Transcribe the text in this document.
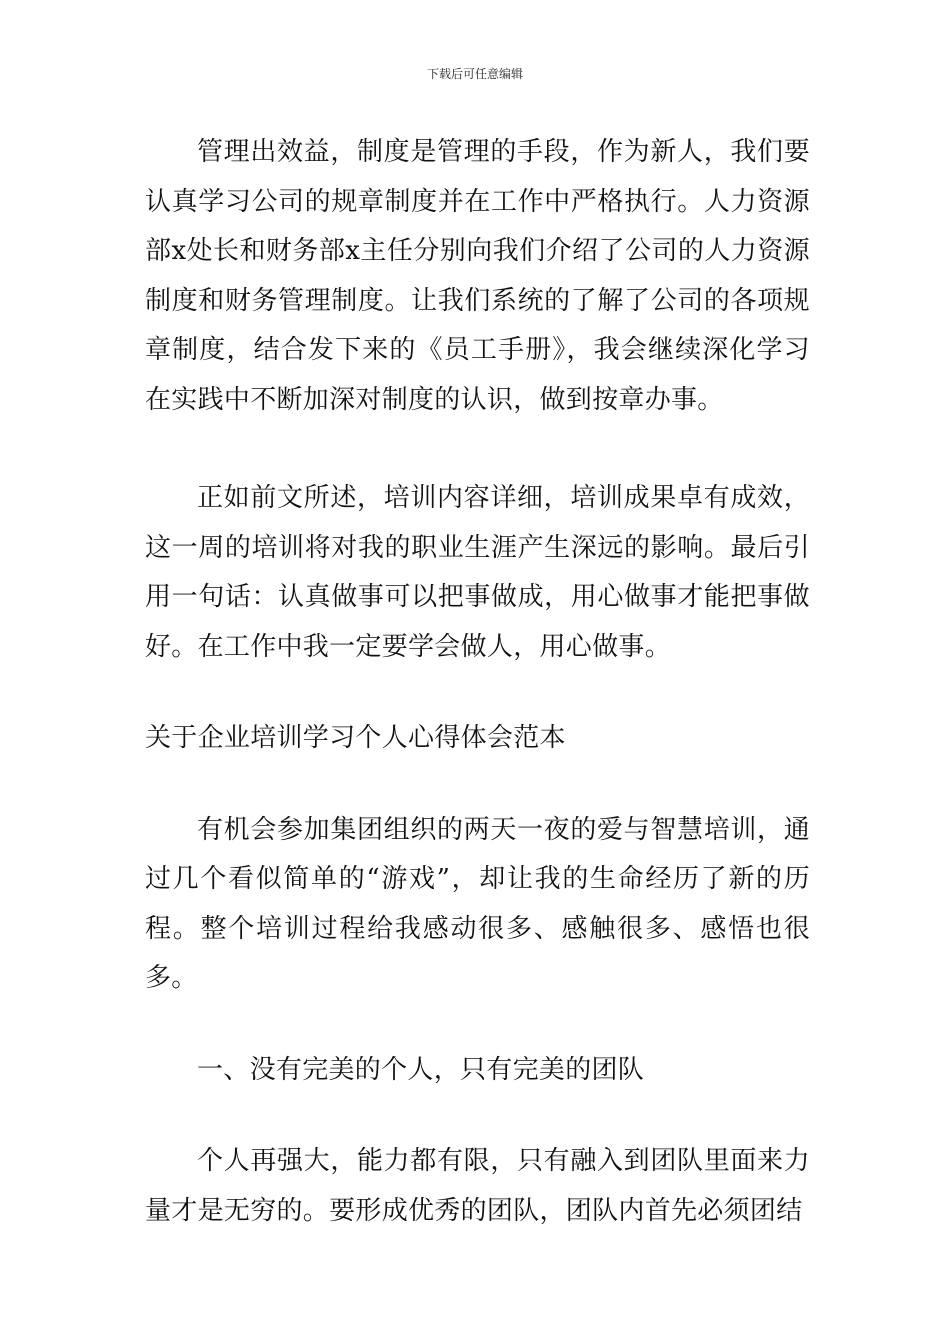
下载后可任意编辑

管理出效益，制度是管理的手段，作为新人，我们要认真学习公司的规章制度并在工作中严格执行。人力资源部x处长和财务部x主任分别向我们介绍了公司的人力资源制度和财务管理制度。让我们系统的了解了公司的各项规章制度，结合发下来的《员工手册》，我会继续深化学习在实践中不断加深对制度的认识，做到按章办事。

正如前文所述，培训内容详细，培训成果卓有成效，这一周的培训将对我的职业生涯产生深远的影响。最后引用一句话：认真做事可以把事做成，用心做事才能把事做好。在工作中我一定要学会做人，用心做事。

关于企业培训学习个人心得体会范本

有机会参加集团组织的两天一夜的爱与智慧培训，通过几个看似简单的“游戏”，却让我的生命经历了新的历程。整个培训过程给我感动很多、感触很多、感悟也很多。

一、没有完美的个人，只有完美的团队

个人再强大，能力都有限，只有融入到团队里面来力量才是无穷的。要形成优秀的团队，团队内首先必须团结
